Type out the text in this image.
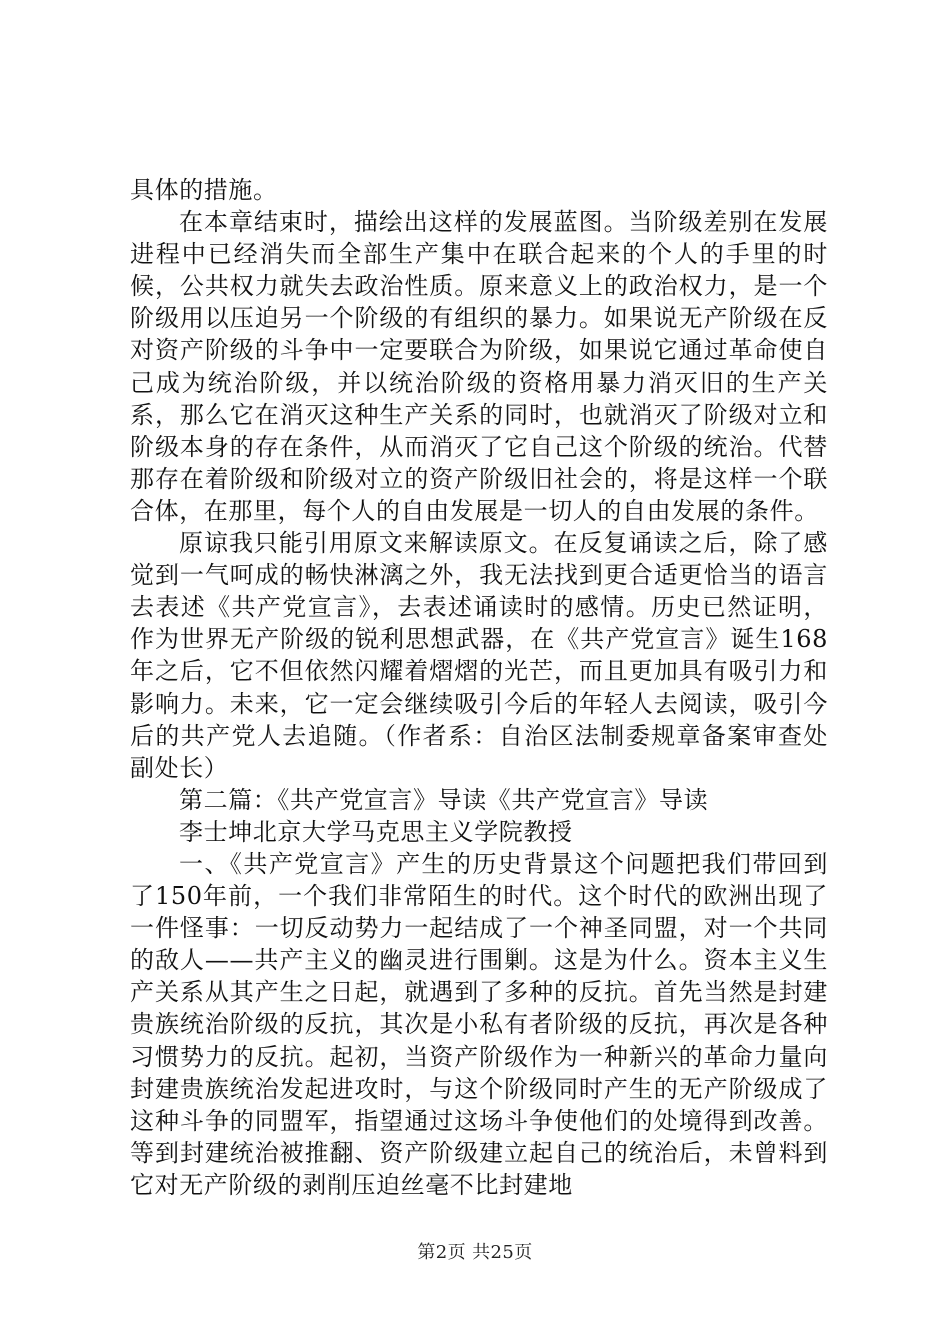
具体的措施。

在本章结束时，描绘出这样的发展蓝图。当阶级差别在发展进程中已经消失而全部生产集中在联合起来的个人的手里的时候，公共权力就失去政治性质。原来意义上的政治权力，是一个阶级用以压迫另一个阶级的有组织的暴力。如果说无产阶级在反对资产阶级的斗争中一定要联合为阶级，如果说它通过革命使自己成为统治阶级，并以统治阶级的资格用暴力消灭旧的生产关系，那么它在消灭这种生产关系的同时，也就消灭了阶级对立和阶级本身的存在条件，从而消灭了它自己这个阶级的统治。代替那存在着阶级和阶级对立的资产阶级旧社会的，将是这样一个联合体，在那里，每个人的自由发展是一切人的自由发展的条件。

原谅我只能引用原文来解读原文。在反复诵读之后，除了感觉到一气呵成的畅快淋漓之外，我无法找到更合适更恰当的语言去表述《共产党宣言》，去表述诵读时的感情。历史已然证明，作为世界无产阶级的锐利思想武器，在《共产党宣言》诞生168年之后，它不但依然闪耀着熠熠的光芒，而且更加具有吸引力和影响力。未来，它一定会继续吸引今后的年轻人去阅读，吸引今后的共产党人去追随。（作者系：自治区法制委规章备案审查处副处长）

第二篇：《共产党宣言》导读《共产党宣言》导读

李士坤北京大学马克思主义学院教授

一、《共产党宣言》产生的历史背景这个问题把我们带回到了150年前，一个我们非常陌生的时代。这个时代的欧洲出现了一件怪事：一切反动势力一起结成了一个神圣同盟，对一个共同的敌人——共产主义的幽灵进行围剿。这是为什么。资本主义生产关系从其产生之日起，就遇到了多种的反抗。首先当然是封建贵族统治阶级的反抗，其次是小私有者阶级的反抗，再次是各种习惯势力的反抗。起初，当资产阶级作为一种新兴的革命力量向封建贵族统治发起进攻时，与这个阶级同时产生的无产阶级成了这种斗争的同盟军，指望通过这场斗争使他们的处境得到改善。等到封建统治被推翻、资产阶级建立起自己的统治后，未曾料到它对无产阶级的剥削压迫丝毫不比封建地

第2页 共25页
